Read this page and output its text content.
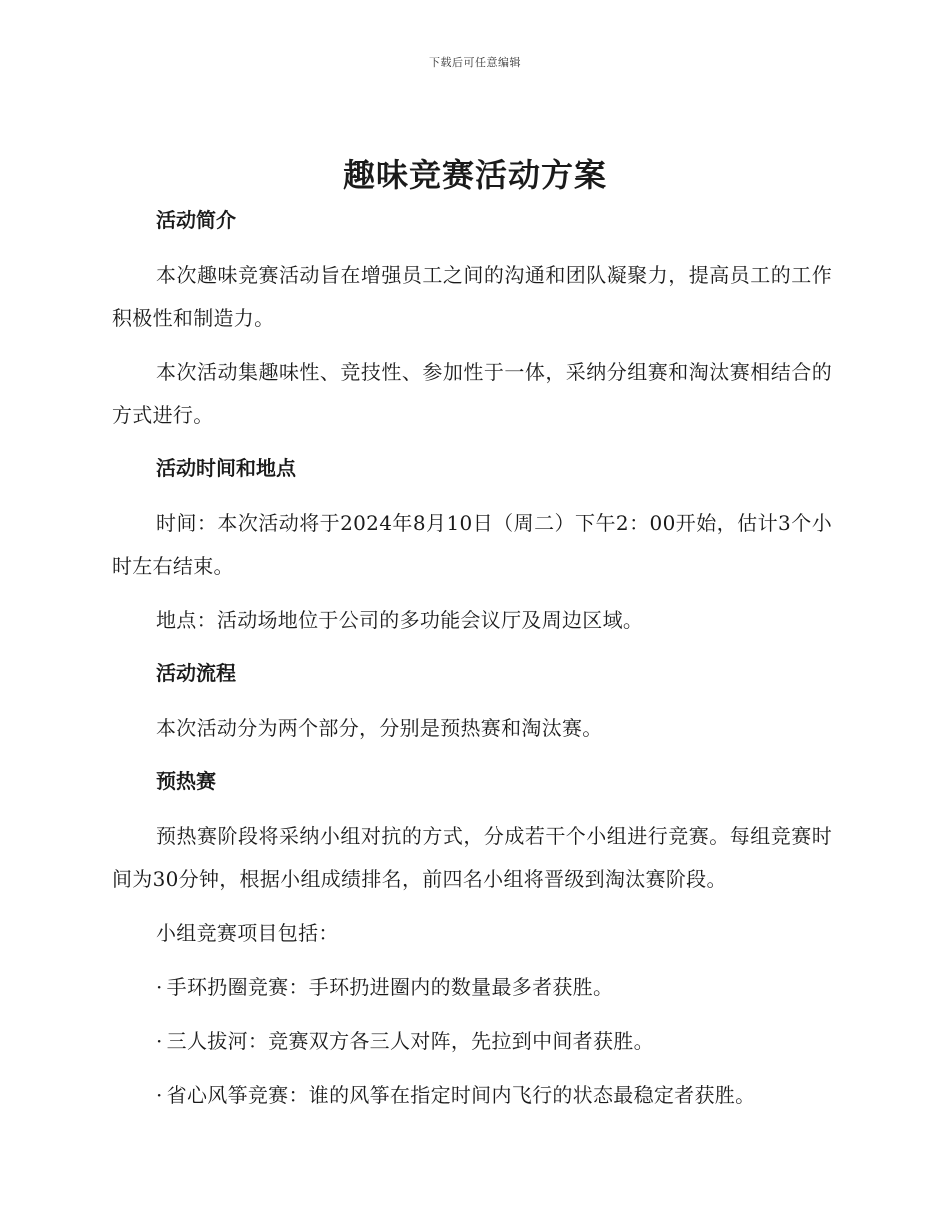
下载后可任意编辑
趣味竞赛活动方案
活动简介

本次趣味竞赛活动旨在增强员工之间的沟通和团队凝聚力，提高员工的工作积极性和制造力。

本次活动集趣味性、竞技性、参加性于一体，采纳分组赛和淘汰赛相结合的方式进行。

活动时间和地点

时间：本次活动将于2024年8月10日（周二）下午2：00开始，估计3个小时左右结束。

地点：活动场地位于公司的多功能会议厅及周边区域。

活动流程

本次活动分为两个部分，分别是预热赛和淘汰赛。

预热赛

预热赛阶段将采纳小组对抗的方式，分成若干个小组进行竞赛。每组竞赛时间为30分钟，根据小组成绩排名，前四名小组将晋级到淘汰赛阶段。

小组竞赛项目包括：

· 手环扔圈竞赛：手环扔进圈内的数量最多者获胜。
· 三人拔河：竞赛双方各三人对阵，先拉到中间者获胜。
· 省心风筝竞赛：谁的风筝在指定时间内飞行的状态最稳定者获胜。
